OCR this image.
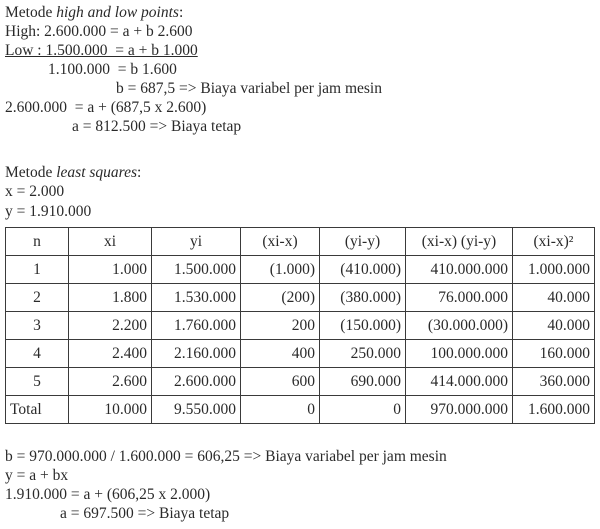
Metode high and low points:
High: 2.600.000 = a + b 2.600
Low : 1.500.000  = a + b 1.000
1.100.000  = b 1.600
b = 687,5 => Biaya variabel per jam mesin
2.600.000  = a + (687,5 x 2.600)
a = 812.500 => Biaya tetap
Metode least squares:
x = 2.000
y = 1.910.000
n	xi	yi	(xi-x)	(yi-y)	(xi-x) (yi-y)	(xi-x)²
1	1.000	1.500.000	(1.000)	(410.000)	410.000.000	1.000.000
2	1.800	1.530.000	(200)	(380.000)	76.000.000	40.000
3	2.200	1.760.000	200	(150.000)	(30.000.000)	40.000
4	2.400	2.160.000	400	250.000	100.000.000	160.000
5	2.600	2.600.000	600	690.000	414.000.000	360.000
Total	10.000	9.550.000	0	0	970.000.000	1.600.000
b = 970.000.000 / 1.600.000 = 606,25 => Biaya variabel per jam mesin
y = a + bx
1.910.000 = a + (606,25 x 2.000)
a = 697.500 => Biaya tetap
